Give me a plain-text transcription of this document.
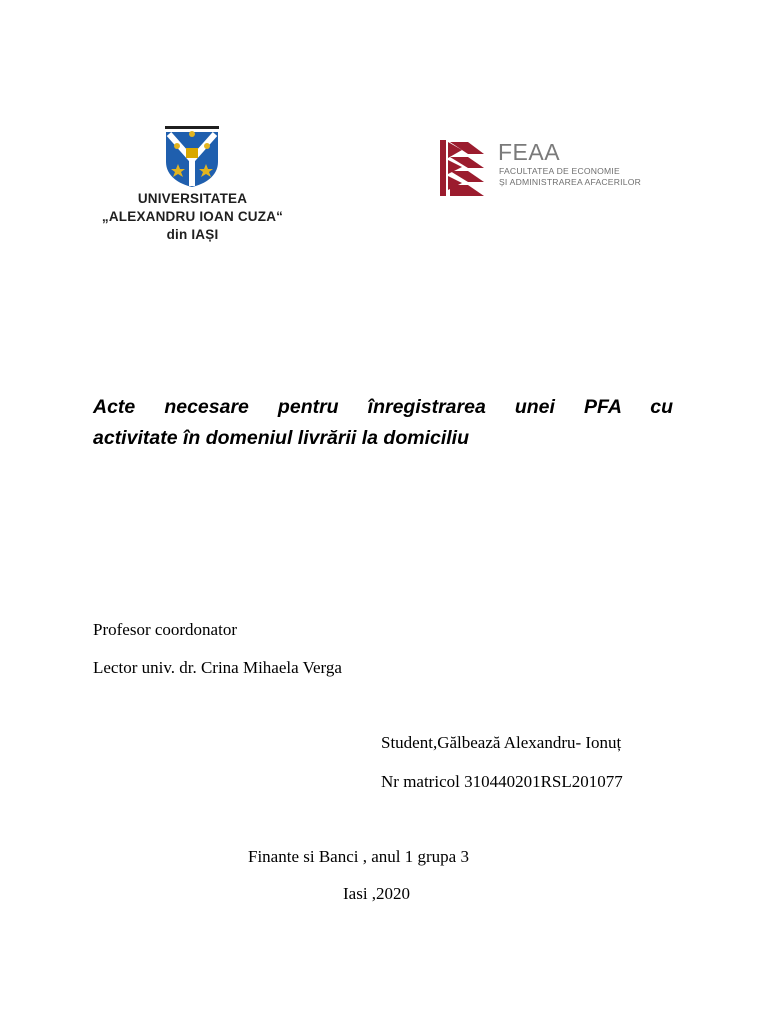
UNIVERSITATEA
„ALEXANDRU IOAN CUZA“
din IAȘI
FEAA
FACULTATEA DE ECONOMIE
ȘI ADMINISTRAREA AFACERILOR
Acte necesare pentru înregistrarea unei PFA cu
activitate în domeniul livrării la domiciliu
Profesor coordonator
Lector univ. dr. Crina Mihaela Verga
Student,Gălbează Alexandru- Ionuț
Nr matricol 310440201RSL201077
Finante si Banci , anul 1 grupa 3
Iasi ,2020
